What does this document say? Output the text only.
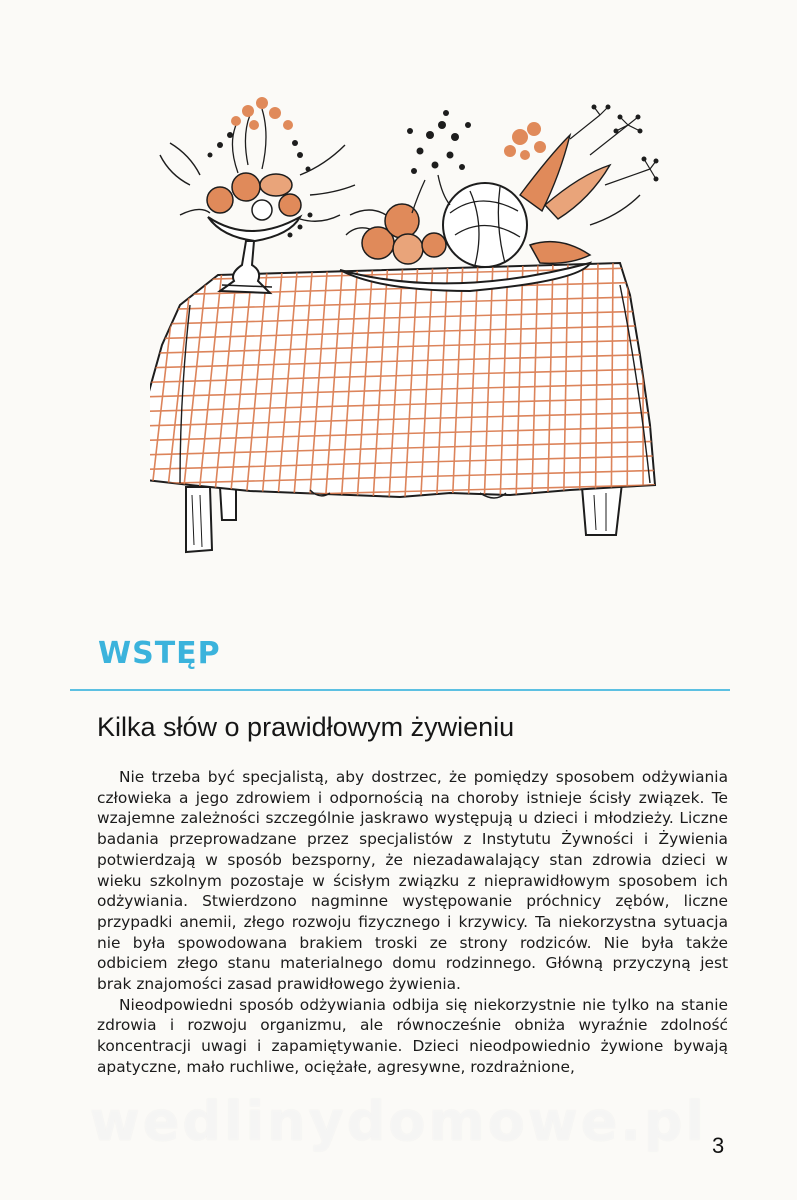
WSTĘP
Kilka słów o prawidłowym żywieniu

Nie trzeba być specjalistą, aby dostrzec, że pomiędzy sposobem odżywiania człowieka a jego zdrowiem i odpornością na choroby istnieje ścisły związek. Te wzajemne zależności szczególnie jaskrawo występują u dzieci i młodzieży. Liczne badania przeprowadzane przez specjalistów z Instytutu Żywności i Żywienia potwierdzają w sposób bezsporny, że niezadawalający stan zdrowia dzieci w wieku szkolnym pozostaje w ścisłym związku z nieprawidłowym sposobem ich odżywiania. Stwierdzono nagminne występowanie próchnicy zębów, liczne przypadki anemii, złego rozwoju fizycznego i krzywicy. Ta niekorzystna sytuacja nie była spowodowana brakiem troski ze strony rodziców. Nie była także odbiciem złego stanu materialnego domu rodzinnego. Główną przyczyną jest brak znajomości zasad prawidłowego żywienia.

Nieodpowiedni sposób odżywiania odbija się niekorzystnie nie tylko na stanie zdrowia i rozwoju organizmu, ale równocześnie obniża wyraźnie zdolność koncentracji uwagi i zapamiętywanie. Dzieci nieodpowiednio żywione bywają apatyczne, mało ruchliwe, ociężałe, agresywne, rozdrażnione,

wedlinydomowe.pl 3
